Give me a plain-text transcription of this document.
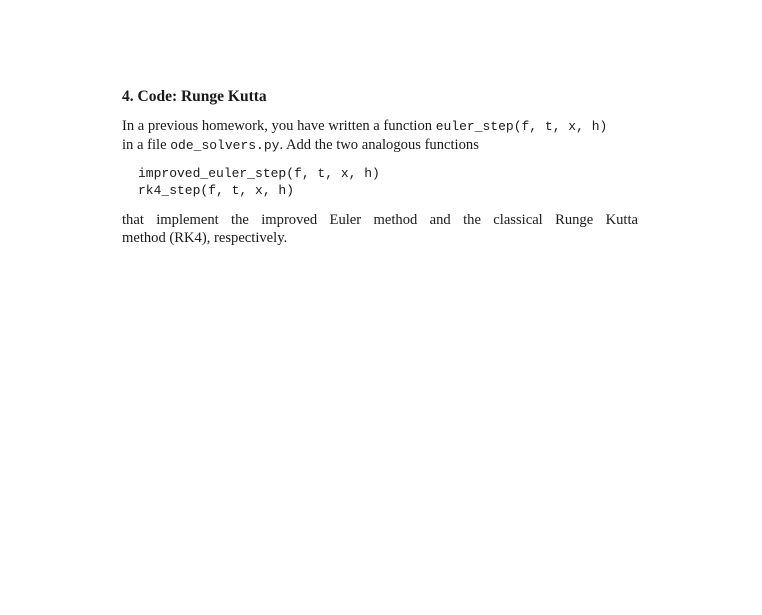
4. Code: Runge Kutta

In a previous homework, you have written a function euler_step(f, t, x, h)
in a file ode_solvers.py. Add the two analogous functions

improved_euler_step(f, t, x, h)
rk4_step(f, t, x, h)

that implement the improved Euler method and the classical Runge Kutta
method (RK4), respectively.
